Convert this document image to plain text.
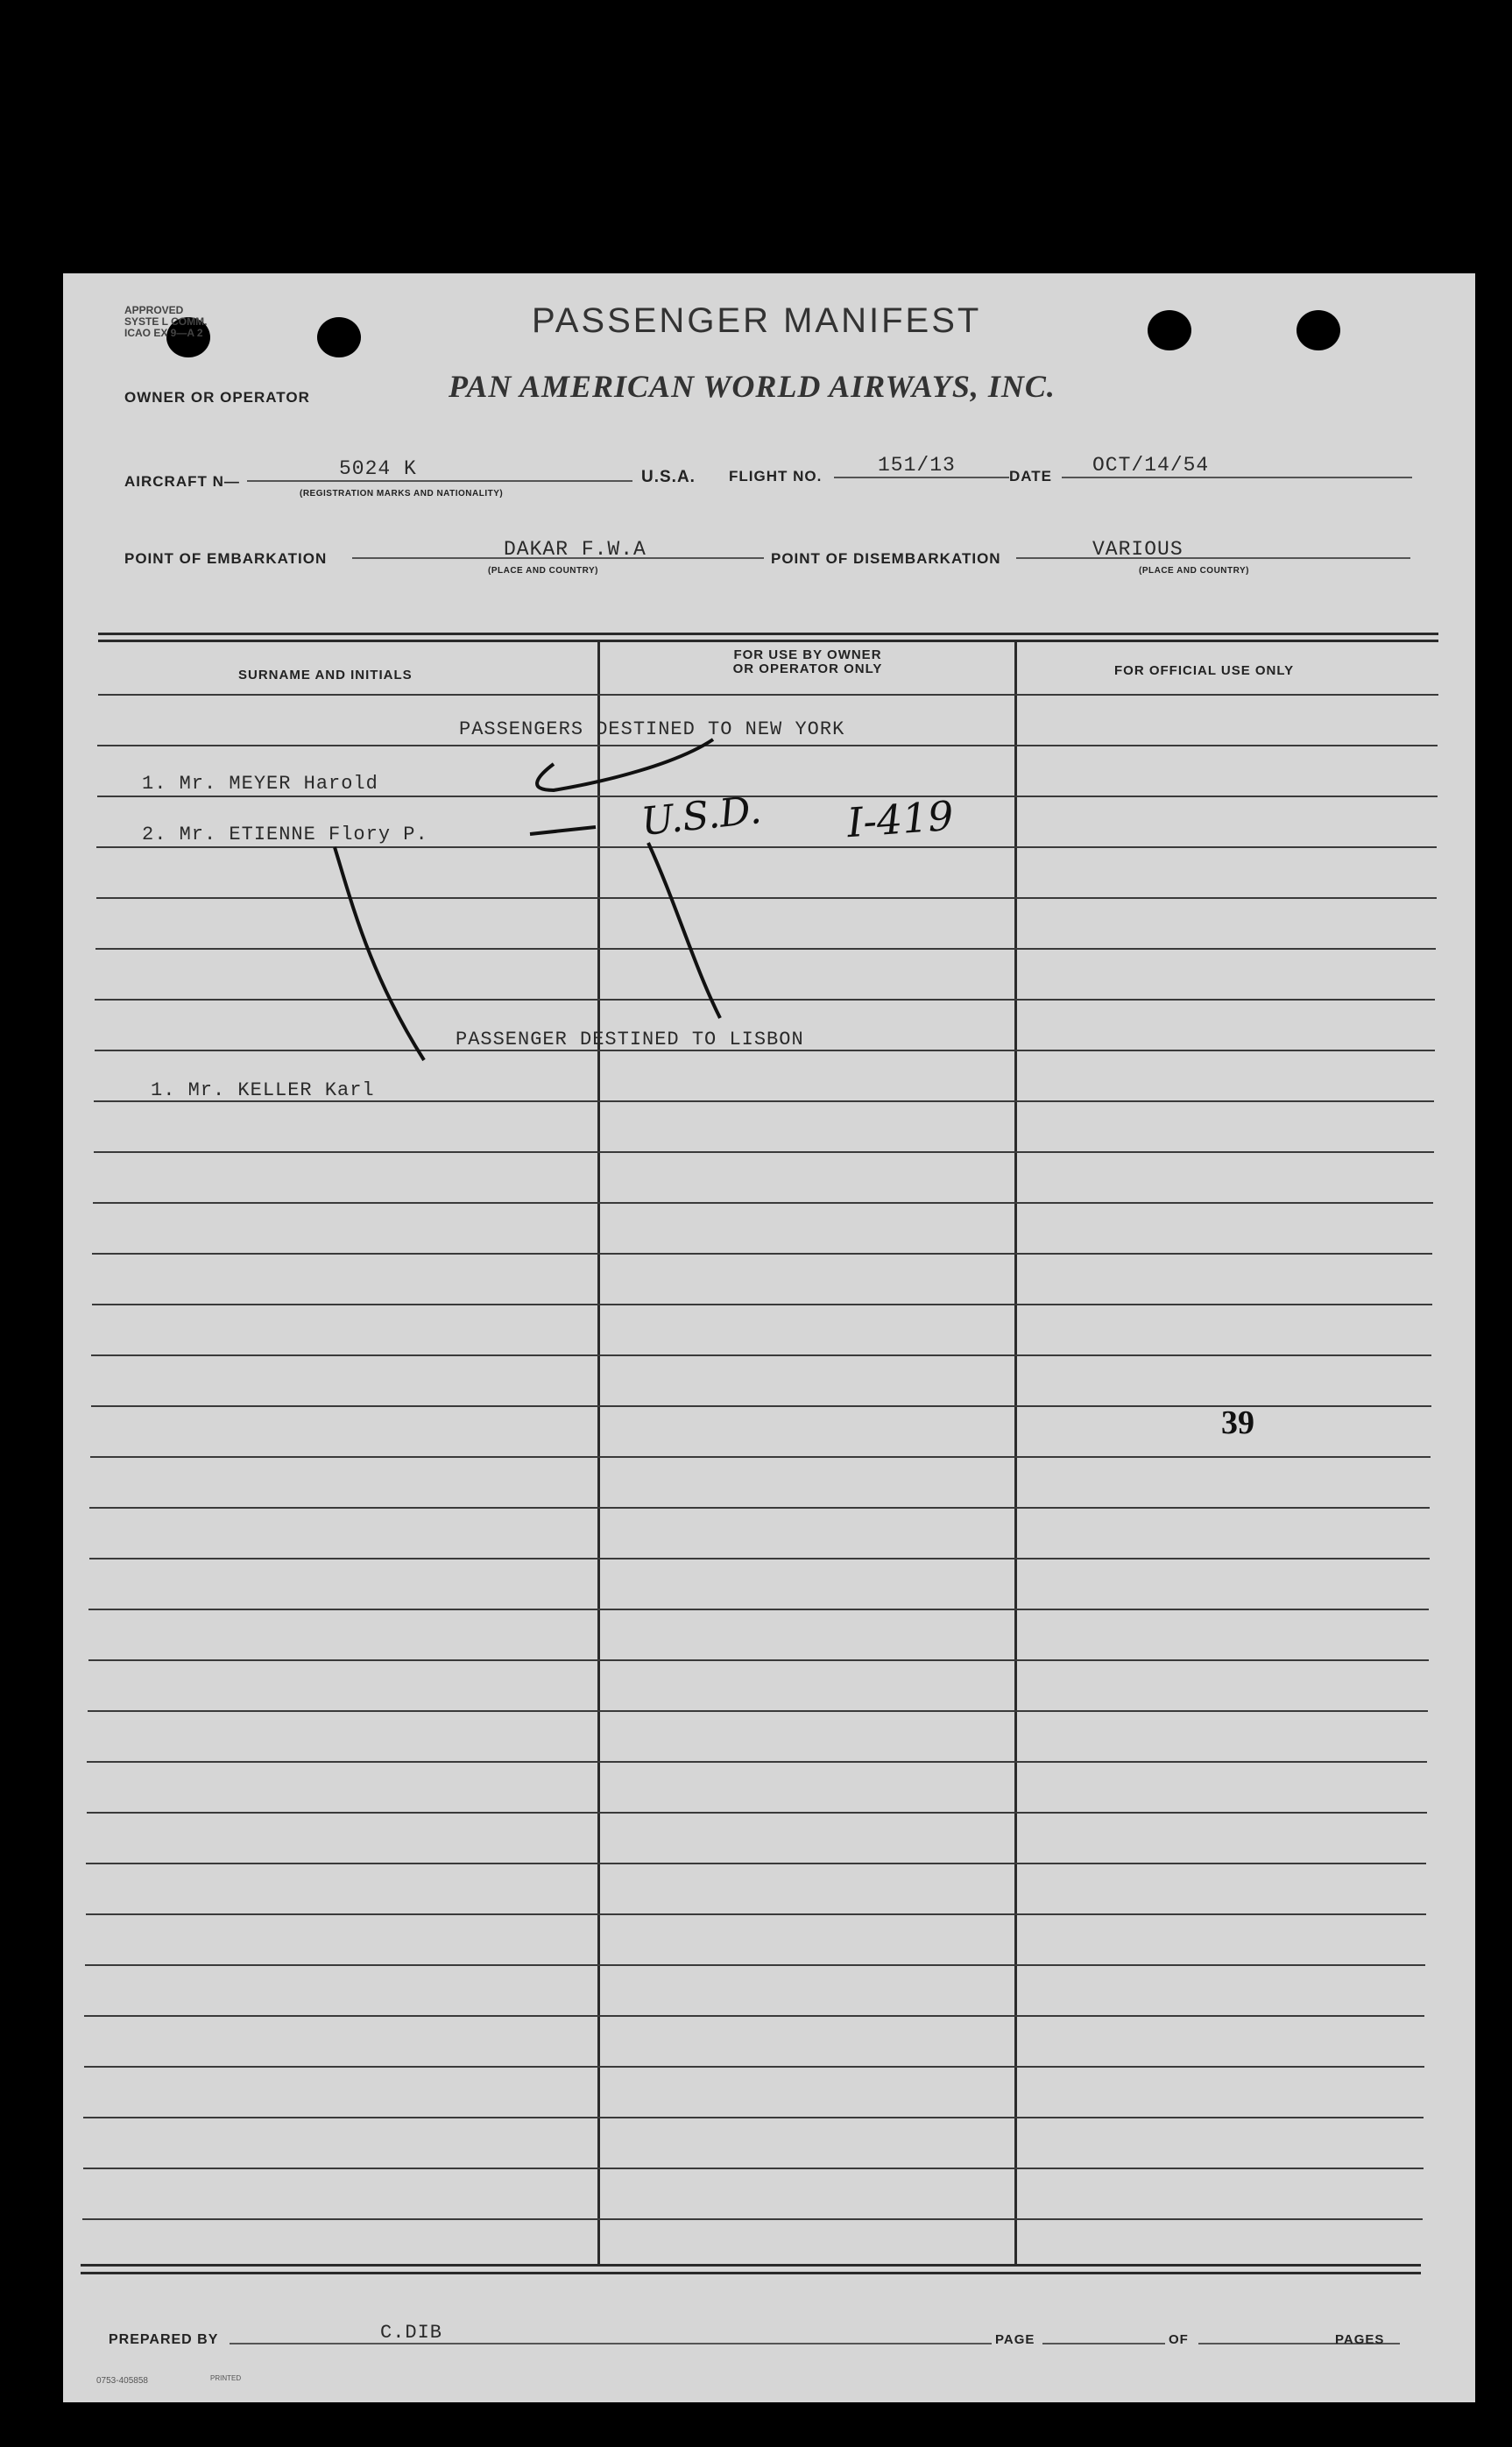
APPROVED
SYSTE L COMM.
ICAO EX 9—A 2	PASSENGER MANIFEST
OWNER OR OPERATOR	PAN AMERICAN WORLD AIRWAYS, INC.
AIRCRAFT N—
5024 K
(REGISTRATION MARKS AND NATIONALITY)
U.S.A. FLIGHT NO.	151/13	DATE OCT/14/54
POINT OF EMBARKATION	DAKAR F.W.A
(PLACE AND COUNTRY)
POINT OF DISEMBARKATION	VARIOUS
(PLACE AND COUNTRY)
SURNAME AND INITIALS
FOR USE BY OWNER
OR OPERATOR ONLY	FOR OFFICIAL USE ONLY
PASSENGERS DESTINED TO NEW YORK
1. Mr. MEYER Harold
2. Mr. ETIENNE Flory P.
PASSENGER DESTINED TO LISBON
1. Mr. KELLER Karl
U.S.D. I-419
39
PREPARED BY	C.DIB	PAGE	OF	PAGES
0753-405858	PRINTED
